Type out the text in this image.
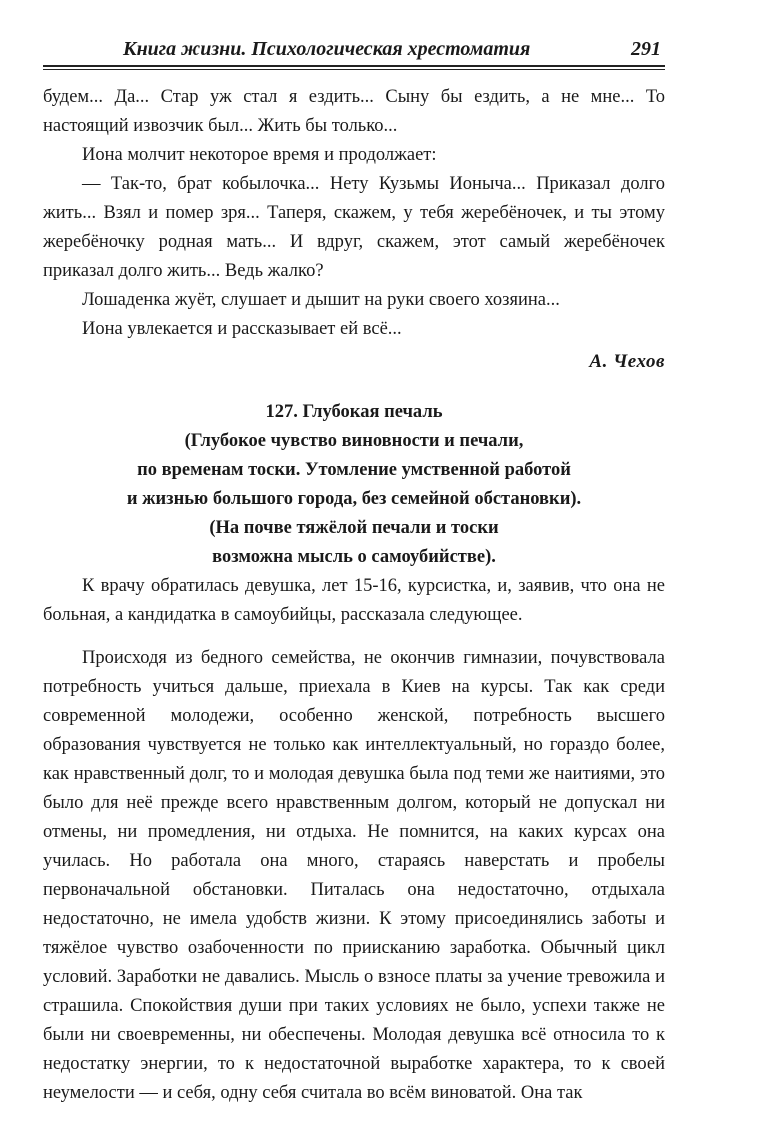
Книга жизни. Психологическая хрестоматия	291

будем... Да... Стар уж стал я ездить... Сыну бы ездить, а не мне... То настоящий извозчик был... Жить бы только...

Иона молчит некоторое время и продолжает:

— Так-то, брат кобылочка... Нету Кузьмы Ионыча... Приказал долго жить... Взял и помер зря... Таперя, скажем, у тебя жеребёночек, и ты этому жеребёночку родная мать... И вдруг, скажем, этот самый жеребёночек приказал долго жить... Ведь жалко?

Лошаденка жуёт, слушает и дышит на руки своего хозяина...

Иона увлекается и рассказывает ей всё...

А. Чехов

127. Глубокая печаль
(Глубокое чувство виновности и печали,
по временам тоски. Утомление умственной работой
и жизнью большого города, без семейной обстановки).
(На почве тяжёлой печали и тоски
возможна мысль о самоубийстве).

К врачу обратилась девушка, лет 15-16, курсистка, и, заявив, что она не больная, а кандидатка в самоубийцы, рассказала следующее.

Происходя из бедного семейства, не окончив гимназии, почувствовала потребность учиться дальше, приехала в Киев на курсы. Так как среди современной молодежи, особенно женской, потребность высшего образования чувствуется не только как интеллектуальный, но гораздо более, как нравственный долг, то и молодая девушка была под теми же наитиями, это было для неё прежде всего нравственным долгом, который не допускал ни отмены, ни промедления, ни отдыха. Не помнится, на каких курсах она училась. Но работала она много, стараясь наверстать и пробелы первоначальной обстановки. Питалась она недостаточно, отдыхала недостаточно, не имела удобств жизни. К этому присоединялись заботы и тяжёлое чувство озабоченности по приисканию заработка. Обычный цикл условий. Заработки не давались. Мысль о взносе платы за учение тревожила и страшила. Спокойствия души при таких условиях не было, успехи также не были ни своевременны, ни обеспечены. Молодая девушка всё относила то к недостатку энергии, то к недостаточной выработке характера, то к своей неумелости — и себя, одну себя считала во всём виноватой. Она так
